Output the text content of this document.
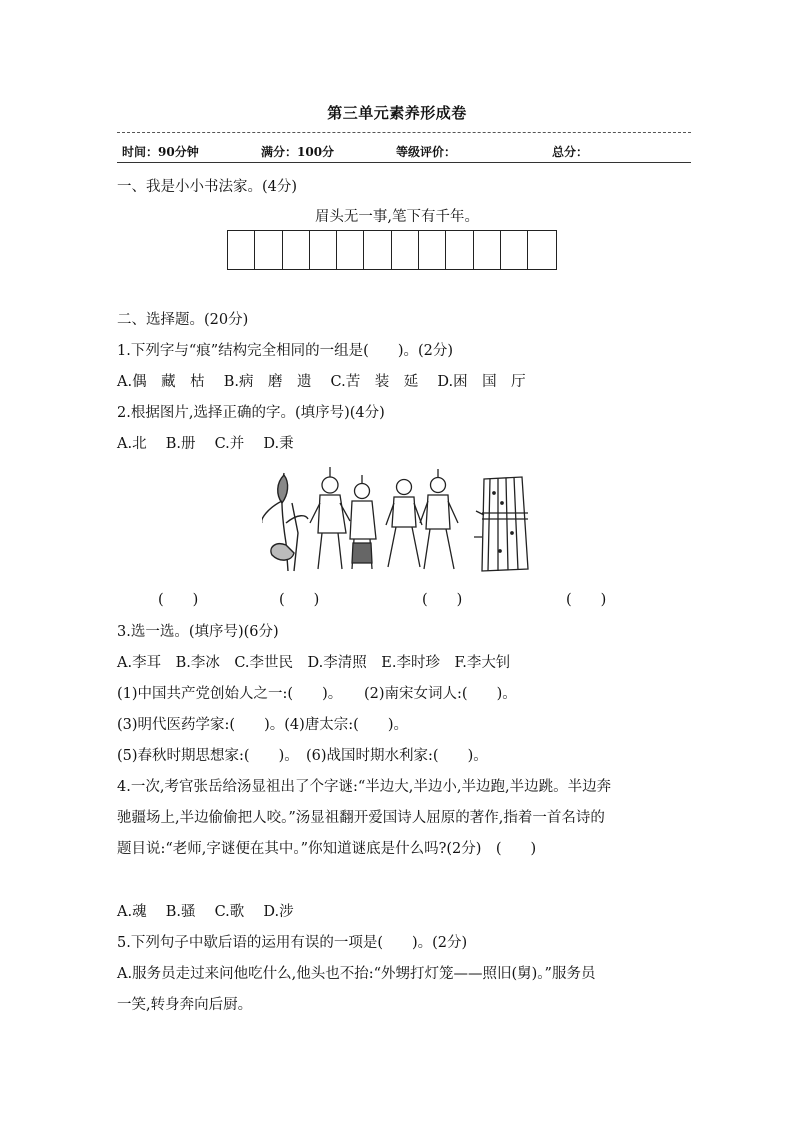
第三单元素养形成卷
时间：90分钟	满分：100分	等级评价：	总分：
一、我是小小书法家。(4分)
眉头无一事,笔下有千年。
二、选择题。(20分)
1.下列字与“痕”结构完全相同的一组是(　　)。(2分)
A.偶　藏　枯　 B.病　磨　遗　 C.苦　装　延　 D.困　国　厅
2.根据图片,选择正确的字。(填序号)(4分)
A.北　 B.册　 C.并　 D.秉
(　　)	(　　)	(　　)	(　　)
3.选一选。(填序号)(6分)
A.李耳　B.李冰　C.李世民　D.李清照　E.李时珍　F.李大钊
(1)中国共产党创始人之一:(　　)。　　(2)南宋女词人:(　　)。
(3)明代医药学家:(　　)。(4)唐太宗:(　　)。
(5)春秋时期思想家:(　　)。　(6)战国时期水利家:(　　)。
4.一次,考官张岳给汤显祖出了个字谜:“半边大,半边小,半边跑,半边跳。半边奔
驰疆场上,半边偷偷把人咬。”汤显祖翻开爱国诗人屈原的著作,指着一首名诗的
题目说:“老师,字谜便在其中。”你知道谜底是什么吗?(2分)　(　　)
A.魂　 B.骚　 C.歌　 D.涉
5.下列句子中歇后语的运用有误的一项是(　　)。(2分)
A.服务员走过来问他吃什么,他头也不抬:“外甥打灯笼——照旧(舅)。”服务员
一笑,转身奔向后厨。
